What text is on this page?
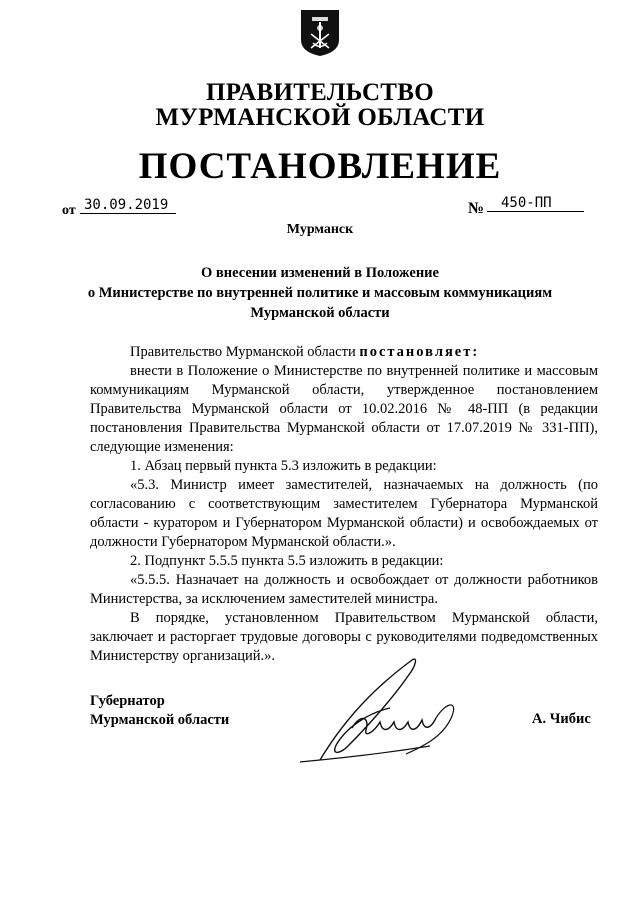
ПРАВИТЕЛЬСТВО
МУРМАНСКОЙ ОБЛАСТИ
ПОСТАНОВЛЕНИЕ
от 30.09.2019	№	450-ПП
Мурманск
О внесении изменений в Положение
о Министерстве по внутренней политике и массовым коммуникациям
Мурманской области

Правительство Мурманской области постановляет:

внести в Положение о Министерстве по внутренней политике и массовым коммуникациям Мурманской области, утвержденное постановлением Правительства Мурманской области от 10.02.2016 № 48-ПП (в редакции постановления Правительства Мурманской области от 17.07.2019 № 331-ПП), следующие изменения:

1. Абзац первый пункта 5.3 изложить в редакции:

«5.3. Министр имеет заместителей, назначаемых на должность (по согласованию с соответствующим заместителем Губернатора Мурманской области - куратором и Губернатором Мурманской области) и освобождаемых от должности Губернатором Мурманской области.».

2. Подпункт 5.5.5 пункта 5.5 изложить в редакции:

«5.5.5. Назначает на должность и освобождает от должности работников Министерства, за исключением заместителей министра.

В порядке, установленном Правительством Мурманской области, заключает и расторгает трудовые договоры с руководителями подведомственных Министерству организаций.».

Губернатор
Мурманской области	А. Чибис
